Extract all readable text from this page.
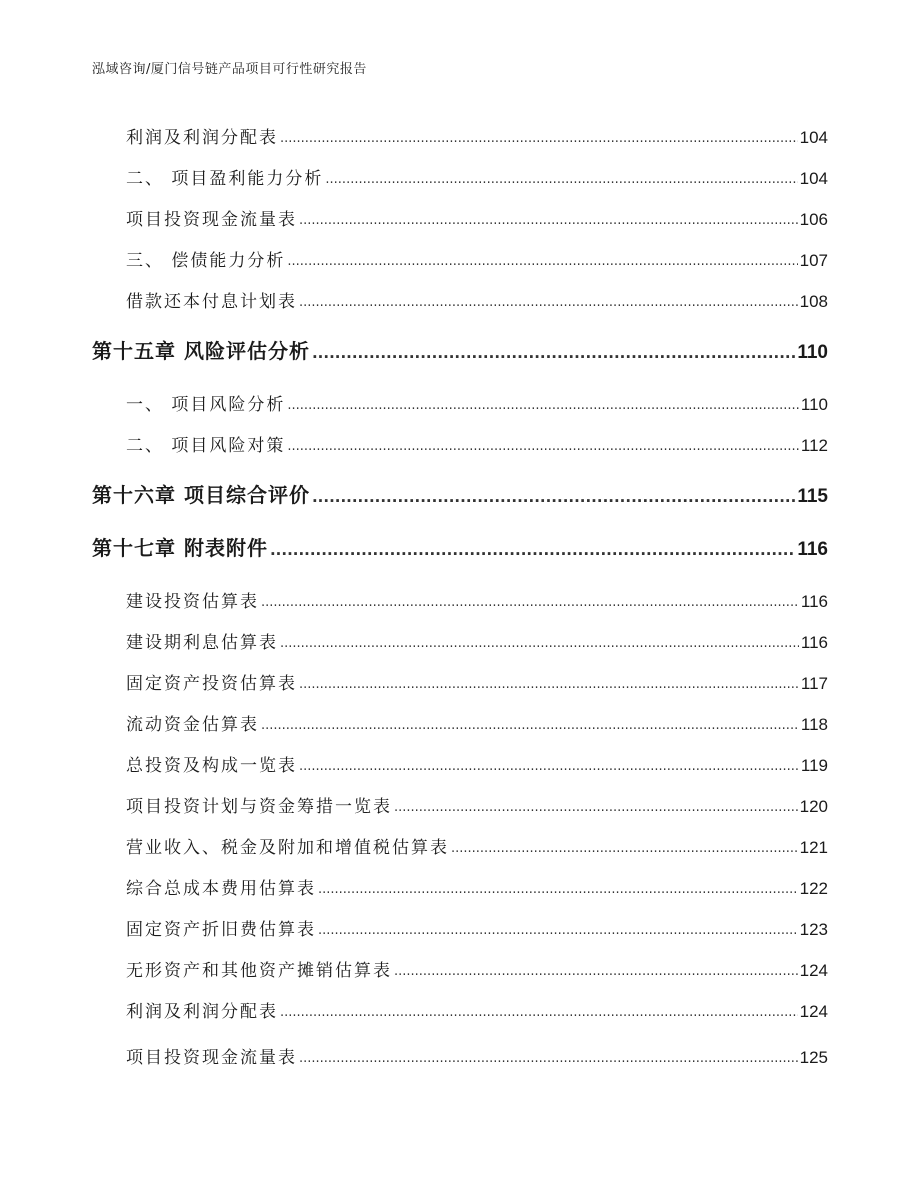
泓域咨询/厦门信号链产品项目可行性研究报告
利润及利润分配表 .....	104
二、 项目盈利能力分析 .....	104
项目投资现金流量表 .....	106
三、 偿债能力分析 .....	107
借款还本付息计划表 .....	108
第十五章 风险评估分析 .....	110
一、 项目风险分析 .....	110
二、 项目风险对策 .....	112
第十六章 项目综合评价 .....	115
第十七章 附表附件 .....	116
建设投资估算表 .....	116
建设期利息估算表 .....	116
固定资产投资估算表 .....	117
流动资金估算表 .....	118
总投资及构成一览表 .....	119
项目投资计划与资金筹措一览表 .....	120
营业收入、税金及附加和增值税估算表 .....	121
综合总成本费用估算表 .....	122
固定资产折旧费估算表 .....	123
无形资产和其他资产摊销估算表 .....	124
利润及利润分配表 .....	124
项目投资现金流量表 .....	125
